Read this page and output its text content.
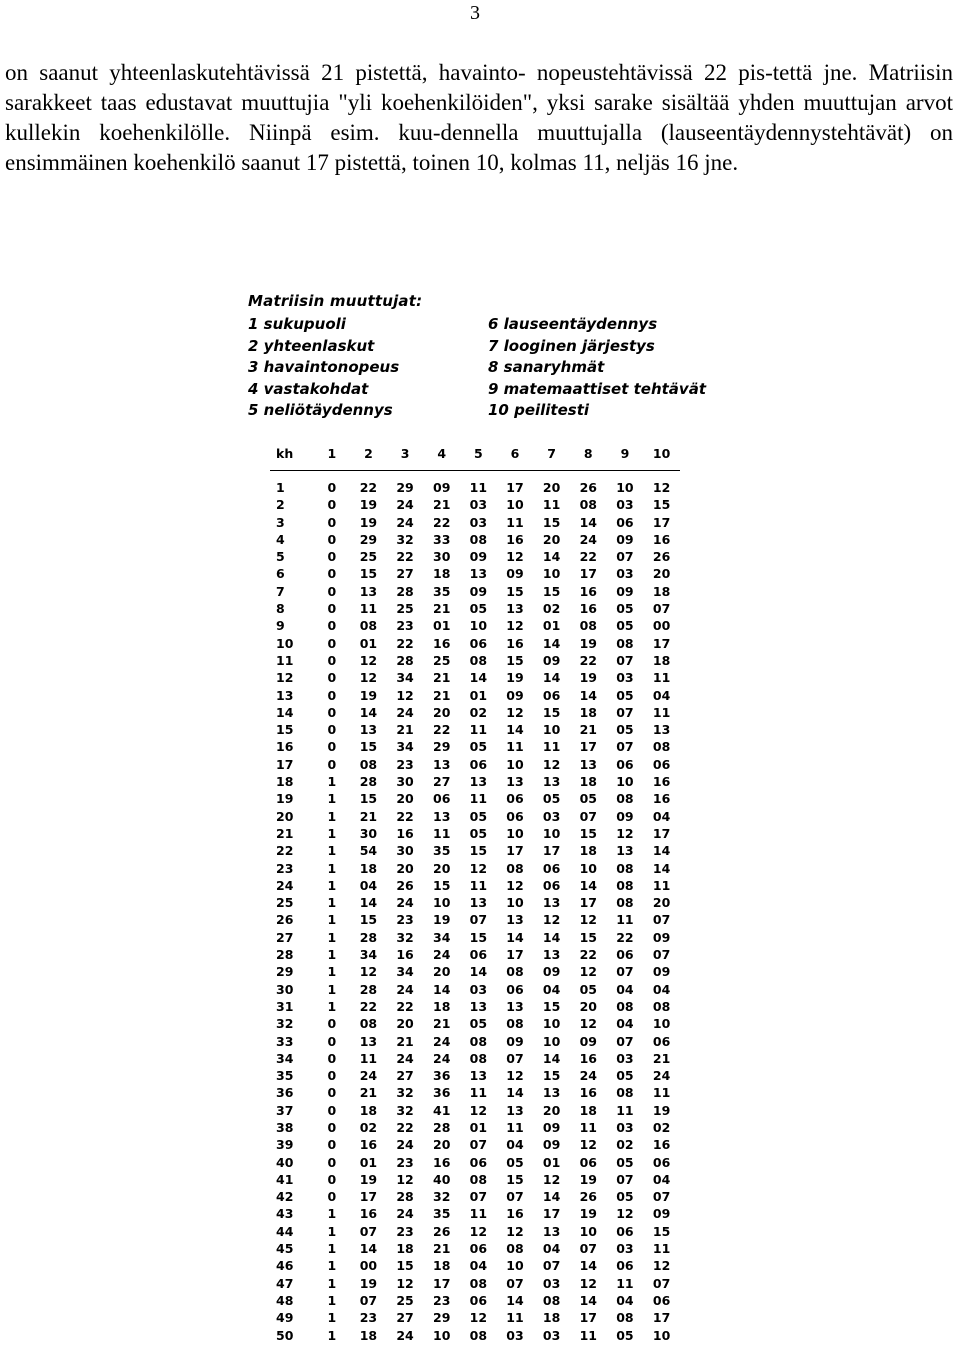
3

on saanut yhteenlaskutehtävissä 21 pistettä, havainto- nopeustehtävissä 22 pis-tettä jne. Matriisin sarakkeet taas edustavat muuttujia "yli koehenkilöiden", yksi sarake sisältää yhden muuttujan arvot kullekin koehenkilölle. Niinpä esim. kuu-dennella muuttujalla (lauseentäydennystehtävät) on ensimmäinen koehenkilö saanut 17 pistettä, toinen 10, kolmas 11, neljäs 16 jne.

Matriisin muuttujat:
1 sukupuoli	6 lauseentäydennys
2 yhteenlaskut	7 looginen järjestys
3 havaintonopeus	8 sanaryhmät
4 vastakohdat	9 matemaattiset tehtävät
5 neliötäydennys	10 peilitesti
kh	1	2	3	4	5	6	7	8	9	10
1	0	22	29	09	11	17	20	26	10	12
2	0	19	24	21	03	10	11	08	03	15
3	0	19	24	22	03	11	15	14	06	17
4	0	29	32	33	08	16	20	24	09	16
5	0	25	22	30	09	12	14	22	07	26
6	0	15	27	18	13	09	10	17	03	20
7	0	13	28	35	09	15	15	16	09	18
8	0	11	25	21	05	13	02	16	05	07
9	0	08	23	01	10	12	01	08	05	00
10	0	01	22	16	06	16	14	19	08	17
11	0	12	28	25	08	15	09	22	07	18
12	0	12	34	21	14	19	14	19	03	11
13	0	19	12	21	01	09	06	14	05	04
14	0	14	24	20	02	12	15	18	07	11
15	0	13	21	22	11	14	10	21	05	13
16	0	15	34	29	05	11	11	17	07	08
17	0	08	23	13	06	10	12	13	06	06
18	1	28	30	27	13	13	13	18	10	16
19	1	15	20	06	11	06	05	05	08	16
20	1	21	22	13	05	06	03	07	09	04
21	1	30	16	11	05	10	10	15	12	17
22	1	54	30	35	15	17	17	18	13	14
23	1	18	20	20	12	08	06	10	08	14
24	1	04	26	15	11	12	06	14	08	11
25	1	14	24	10	13	10	13	17	08	20
26	1	15	23	19	07	13	12	12	11	07
27	1	28	32	34	15	14	14	15	22	09
28	1	34	16	24	06	17	13	22	06	07
29	1	12	34	20	14	08	09	12	07	09
30	1	28	24	14	03	06	04	05	04	04
31	1	22	22	18	13	13	15	20	08	08
32	0	08	20	21	05	08	10	12	04	10
33	0	13	21	24	08	09	10	09	07	06
34	0	11	24	24	08	07	14	16	03	21
35	0	24	27	36	13	12	15	24	05	24
36	0	21	32	36	11	14	13	16	08	11
37	0	18	32	41	12	13	20	18	11	19
38	0	02	22	28	01	11	09	11	03	02
39	0	16	24	20	07	04	09	12	02	16
40	0	01	23	16	06	05	01	06	05	06
41	0	19	12	40	08	15	12	19	07	04
42	0	17	28	32	07	07	14	26	05	07
43	1	16	24	35	11	16	17	19	12	09
44	1	07	23	26	12	12	13	10	06	15
45	1	14	18	21	06	08	04	07	03	11
46	1	00	15	18	04	10	07	14	06	12
47	1	19	12	17	08	07	03	12	11	07
48	1	07	25	23	06	14	08	14	04	06
49	1	23	27	29	12	11	18	17	08	17
50	1	18	24	10	08	03	03	11	05	10
